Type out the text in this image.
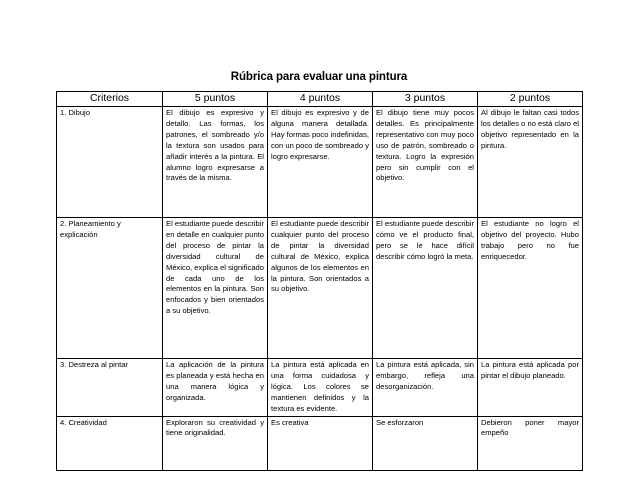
Rúbrica para evaluar una pintura
Criterios	5 puntos	4 puntos	3 puntos	2 puntos
1. Dibujo	El dibujo es expresivo y detallo. Las formas, los patrones, el sombreado y/o la textura son usados para añadir interés a la pintura. El alumno logro expresarse a través de la misma.	El dibujo es expresivo y de alguna manera detallada. Hay formas poco indefinidas, con un poco de sombreado y logro expresarse.	El dibujo tiene muy pocos detalles. Es principalmente representativo con muy poco uso de patrón, sombreado o textura. Logro la expresión pero sin cumplir con el objetivo.	Al dibujo le faltan casi todos los detalles o no está claro el objetivo representado en la pintura.
2. Planeamiento y explicación	El estudiante puede describir en detalle en cualquier punto del proceso de pintar la diversidad cultural de México, explica el significado de cada uno de los elementos en la pintura. Son enfocados y bien orientados a su objetivo.	El estudiante puede describir cualquier punto del proceso de pintar la diversidad cultural de México, explica algunos de los elementos en la pintura. Son orientados a su objetivo.	El estudiante puede describir cómo ve el producto final, pero se le hace difícil describir cómo logró la meta.	El estudiante no logro el objetivo del proyecto. Hubo trabajo pero no fue enriquecedor.
3. Destreza al pintar	La aplicación de la pintura es planeada y está hecha en una manera lógica y organizada.	La pintura está aplicada en una forma cuidadosa y lógica. Los colores se mantienen definidos y la textura es evidente.	La pintura está aplicada, sin embargo, refleja una desorganización.	La pintura está aplicada por pintar el dibujo planeado.
4. Creatividad	Exploraron su creatividad y tiene originalidad.	Es creativa	Se esforzaron	Debieron poner mayor empeño
